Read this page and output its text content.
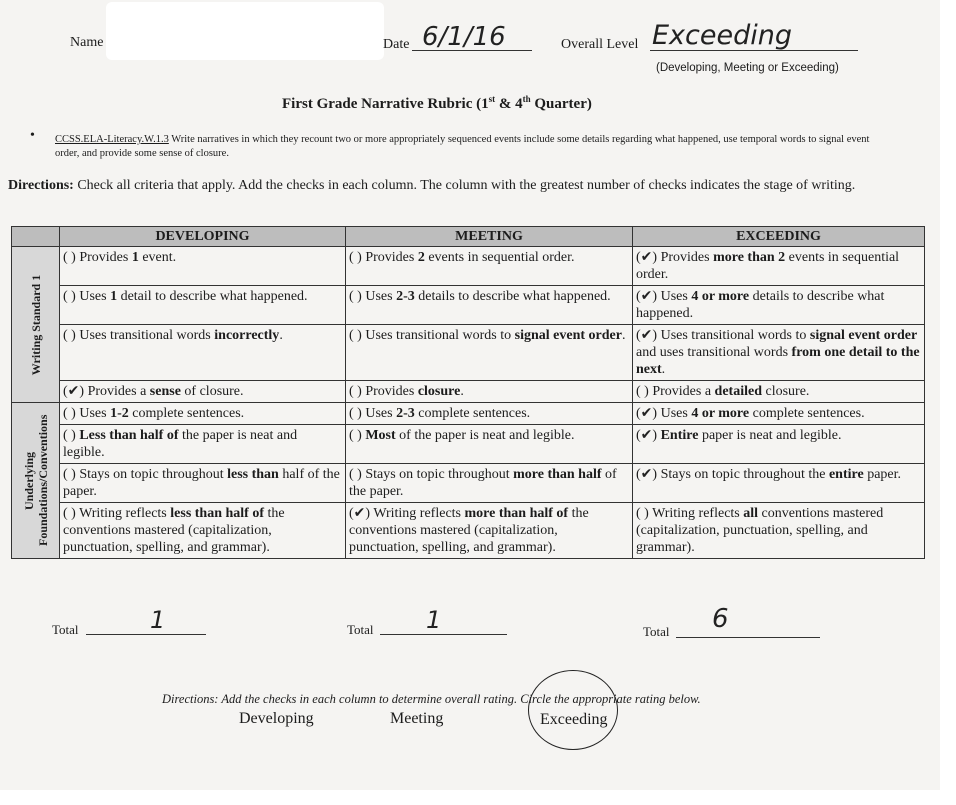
Name	Date 6/1/16	Overall Level Exceeding
(Developing, Meeting or Exceeding)
First Grade Narrative Rubric (1st & 4th Quarter)
• CCSS.ELA-Literacy.W.1.3 Write narratives in which they recount two or more appropriately sequenced events include some details regarding what happened, use temporal words to signal event order, and provide some sense of closure.
Directions: Check all criteria that apply. Add the checks in each column. The column with the greatest number of checks indicates the stage of writing.
	DEVELOPING	MEETING	EXCEEDING

Writing Standard 1	( ) Provides 1 event.	( ) Provides 2 events in sequential order.	(✔) Provides more than 2 events in sequential order.
	( ) Uses 1 detail to describe what happened.	( ) Uses 2-3 details to describe what happened.	(✔) Uses 4 or more details to describe what happened.
	( ) Uses transitional words incorrectly.	( ) Uses transitional words to signal event order.	(✔) Uses transitional words to signal event order and uses transitional words from one detail to the next.
	(✔) Provides a sense of closure.	( ) Provides closure.	( ) Provides a detailed closure.

Underlying Foundations/Conventions	( ) Uses 1-2 complete sentences.	( ) Uses 2-3 complete sentences.	(✔) Uses 4 or more complete sentences.
	( ) Less than half of the paper is neat and legible.	( ) Most of the paper is neat and legible.	(✔) Entire paper is neat and legible.
	( ) Stays on topic throughout less than half of the paper.	( ) Stays on topic throughout more than half of the paper.	(✔) Stays on topic throughout the entire paper.
	( ) Writing reflects less than half of the conventions mastered (capitalization, punctuation, spelling, and grammar).	(✔) Writing reflects more than half of the conventions mastered (capitalization, punctuation, spelling, and grammar).	( ) Writing reflects all conventions mastered (capitalization, punctuation, spelling, and grammar).
Total	1	Total 1	Total 6
Directions: Add the checks in each column to determine overall rating. Circle the appropriate rating below.
Developing	Meeting	Exceeding
